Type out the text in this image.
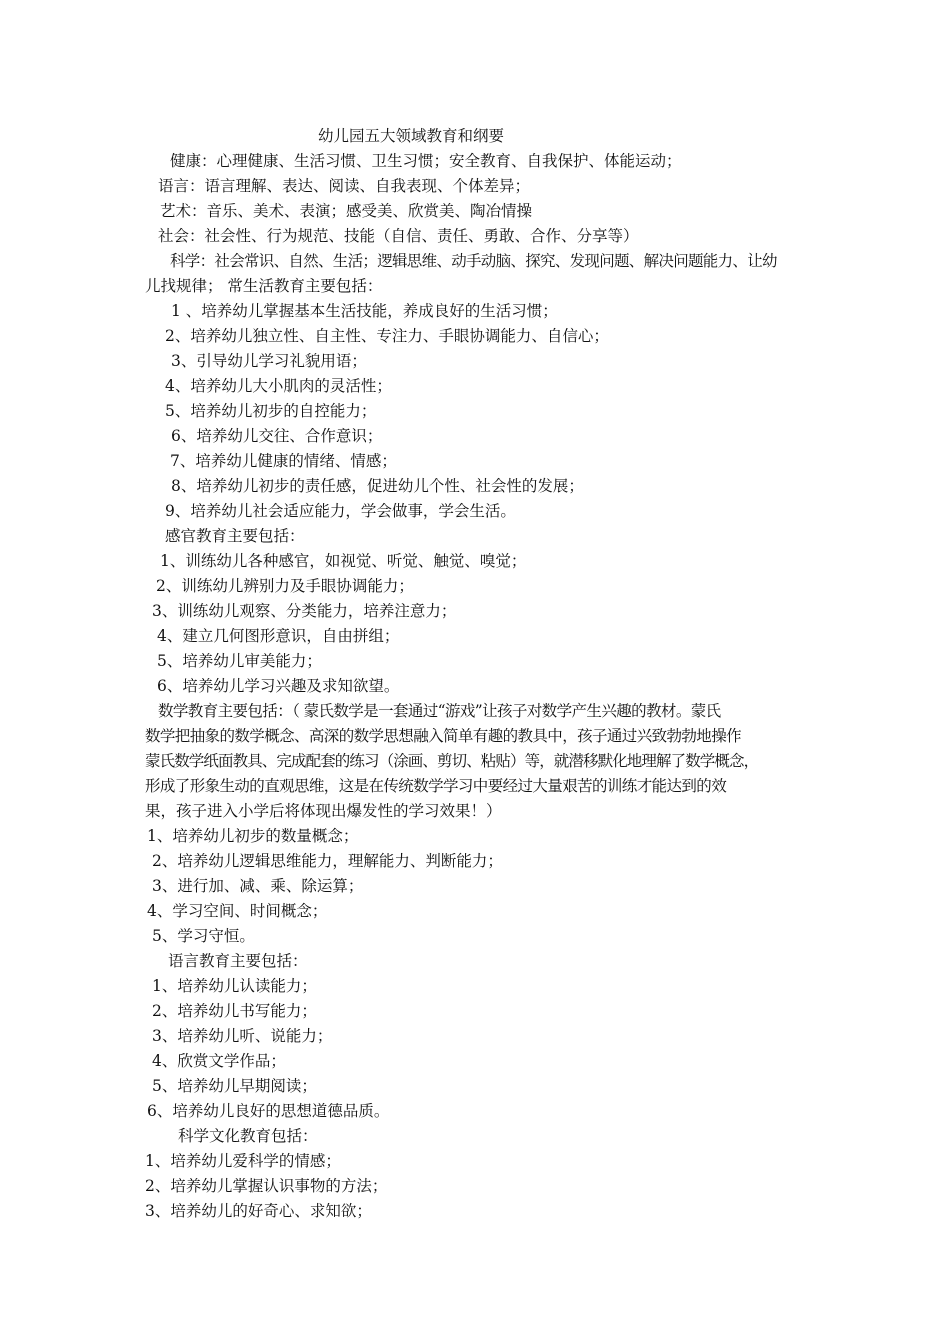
幼儿园五大领域教育和纲要
健康：心理健康、生活习惯、卫生习惯；安全教育、自我保护、体能运动；
语言：语言理解、表达、阅读、自我表现、个体差异；
艺术：音乐、美术、表演；感受美、欣赏美、陶冶情操
社会：社会性、行为规范、技能（自信、责任、勇敢、合作、分享等）
科学：社会常识、自然、生活；逻辑思维、动手动脑、探究、发现问题、解决问题能力、让幼
儿找规律； 常生活教育主要包括：
1 、培养幼儿掌握基本生活技能，养成良好的生活习惯；
2、培养幼儿独立性、自主性、专注力、手眼协调能力、自信心；
3、引导幼儿学习礼貌用语；
4、培养幼儿大小肌肉的灵活性；
5、培养幼儿初步的自控能力；
6、培养幼儿交往、合作意识；
7、培养幼儿健康的情绪、情感；
8、培养幼儿初步的责任感，促进幼儿个性、社会性的发展；
9、培养幼儿社会适应能力，学会做事，学会生活。
感官教育主要包括：
1、训练幼儿各种感官，如视觉、听觉、触觉、嗅觉；
2、训练幼儿辨别力及手眼协调能力；
3、训练幼儿观察、分类能力，培养注意力；
4、建立几何图形意识，自由拼组；
5、培养幼儿审美能力；
6、培养幼儿学习兴趣及求知欲望。
数学教育主要包括：（ 蒙氏数学是一套通过“游戏”让孩子对数学产生兴趣的教材。蒙氏
数学把抽象的数学概念、高深的数学思想融入简单有趣的教具中，孩子通过兴致勃勃地操作
蒙氏数学纸面教具、完成配套的练习（涂画、剪切、粘贴）等，就潜移默化地理解了数学概念，
形成了形象生动的直观思维，这是在传统数学学习中要经过大量艰苦的训练才能达到的效
果，孩子进入小学后将体现出爆发性的学习效果！）
1、培养幼儿初步的数量概念；
2、培养幼儿逻辑思维能力，理解能力、判断能力；
3、进行加、减、乘、除运算；
4、学习空间、时间概念；
5、学习守恒。
语言教育主要包括：
1、培养幼儿认读能力；
2、培养幼儿书写能力；
3、培养幼儿听、说能力；
4、欣赏文学作品；
5、培养幼儿早期阅读；
6、培养幼儿良好的思想道德品质。
科学文化教育包括：
1、培养幼儿爱科学的情感；
2、培养幼儿掌握认识事物的方法；
3、培养幼儿的好奇心、求知欲；
